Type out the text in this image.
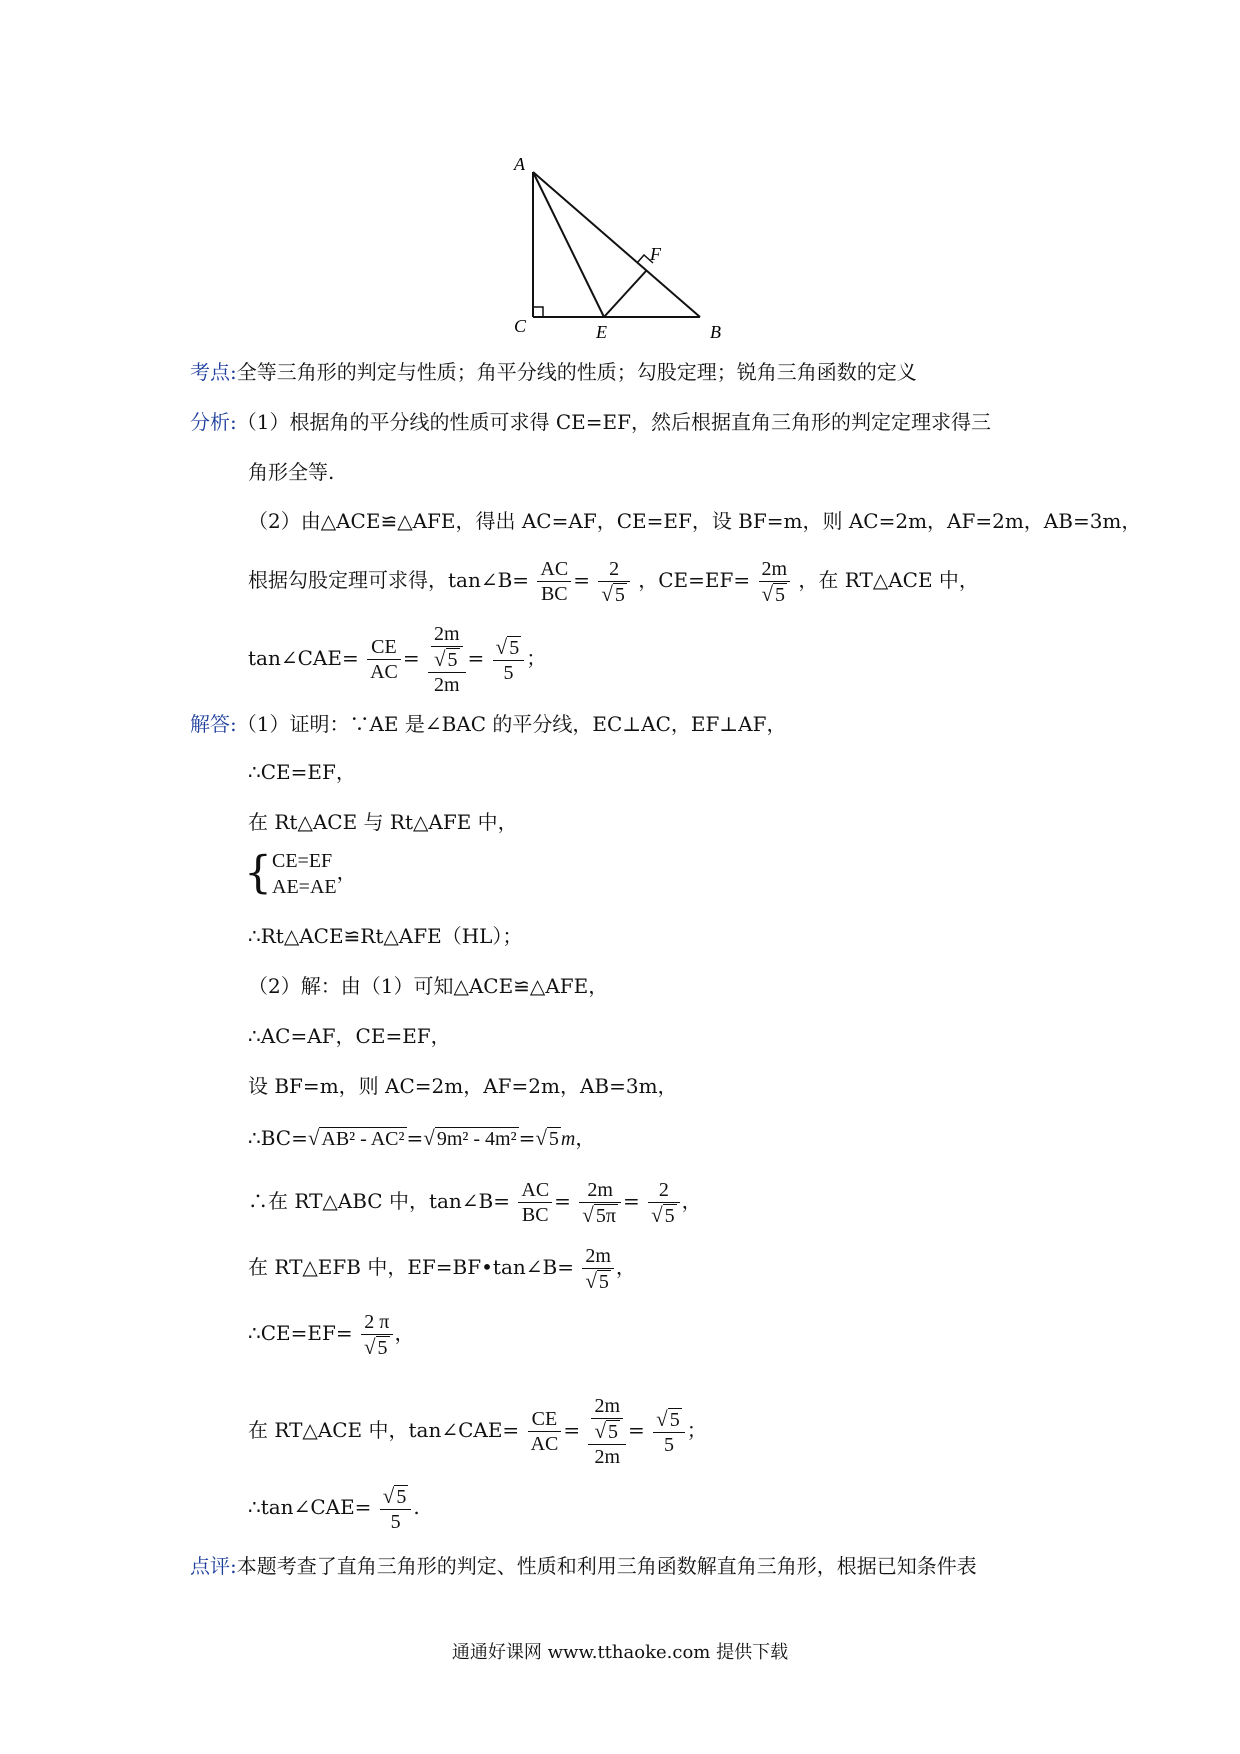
A
C	E	B
F
考点:全等三角形的判定与性质；角平分线的性质；勾股定理；锐角三角函数的定义
分析:（1）根据角的平分线的性质可求得 CE=EF，然后根据直角三角形的判定定理求得三
角形全等.
（2）由△ACE≌△AFE，得出 AC=AF，CE=EF，设 BF=m，则 AC=2m，AF=2m，AB=3m，
根据勾股定理可求得，tan∠B= $\frac{AC}{BC} = \frac{2}{√ 5}$ ，$CE=EF= \frac{2m}{√ 5}$ ，在 RT△ACE 中，
tan∠CAE= $\frac{CE}{AC} = \frac{\frac{2m}{√ 5}}{2m} = \frac{√ 5}{5}$ ；
解答:（1）证明：∵AE 是∠BAC 的平分线，EC⊥AC，EF⊥AF，
∴CE=EF，
在 Rt△ACE 与 Rt△AFE 中，
{ CE=EF
AE=AE
，
∴Rt△ACE≌Rt△AFE（HL）；
（2）解：由（1）可知△ACE≌△AFE，
∴AC=AF，CE=EF，
设 BF=m，则 AC=2m，AF=2m，AB=3m，
∴BC=√ AB² - AC² =√ 9m² - 4m² =√ 5 m，
∴在 RT△ABC 中，tan∠B= $\frac{AC}{BC} = \frac{2m}{√ 5\pi} = \frac{2}{√ 5}$ ，
在 RT△EFB 中，EF=BF•tan∠B= $\frac{2m}{√ 5}$ ，
∴CE=EF= $\frac{2 \pi}{√ 5}$ ，
在 RT△ACE 中，tan∠CAE= $\frac{CE}{AC} = \frac{\frac{2m}{√ 5}}{2m} = \frac{√ 5}{5}$ ；
∴tan∠CAE= $\frac{√ 5}{5}$ .
点评:本题考查了直角三角形的判定、性质和利用三角函数解直角三角形，根据已知条件表
通通好课网 www.tthaoke.com 提供下载
